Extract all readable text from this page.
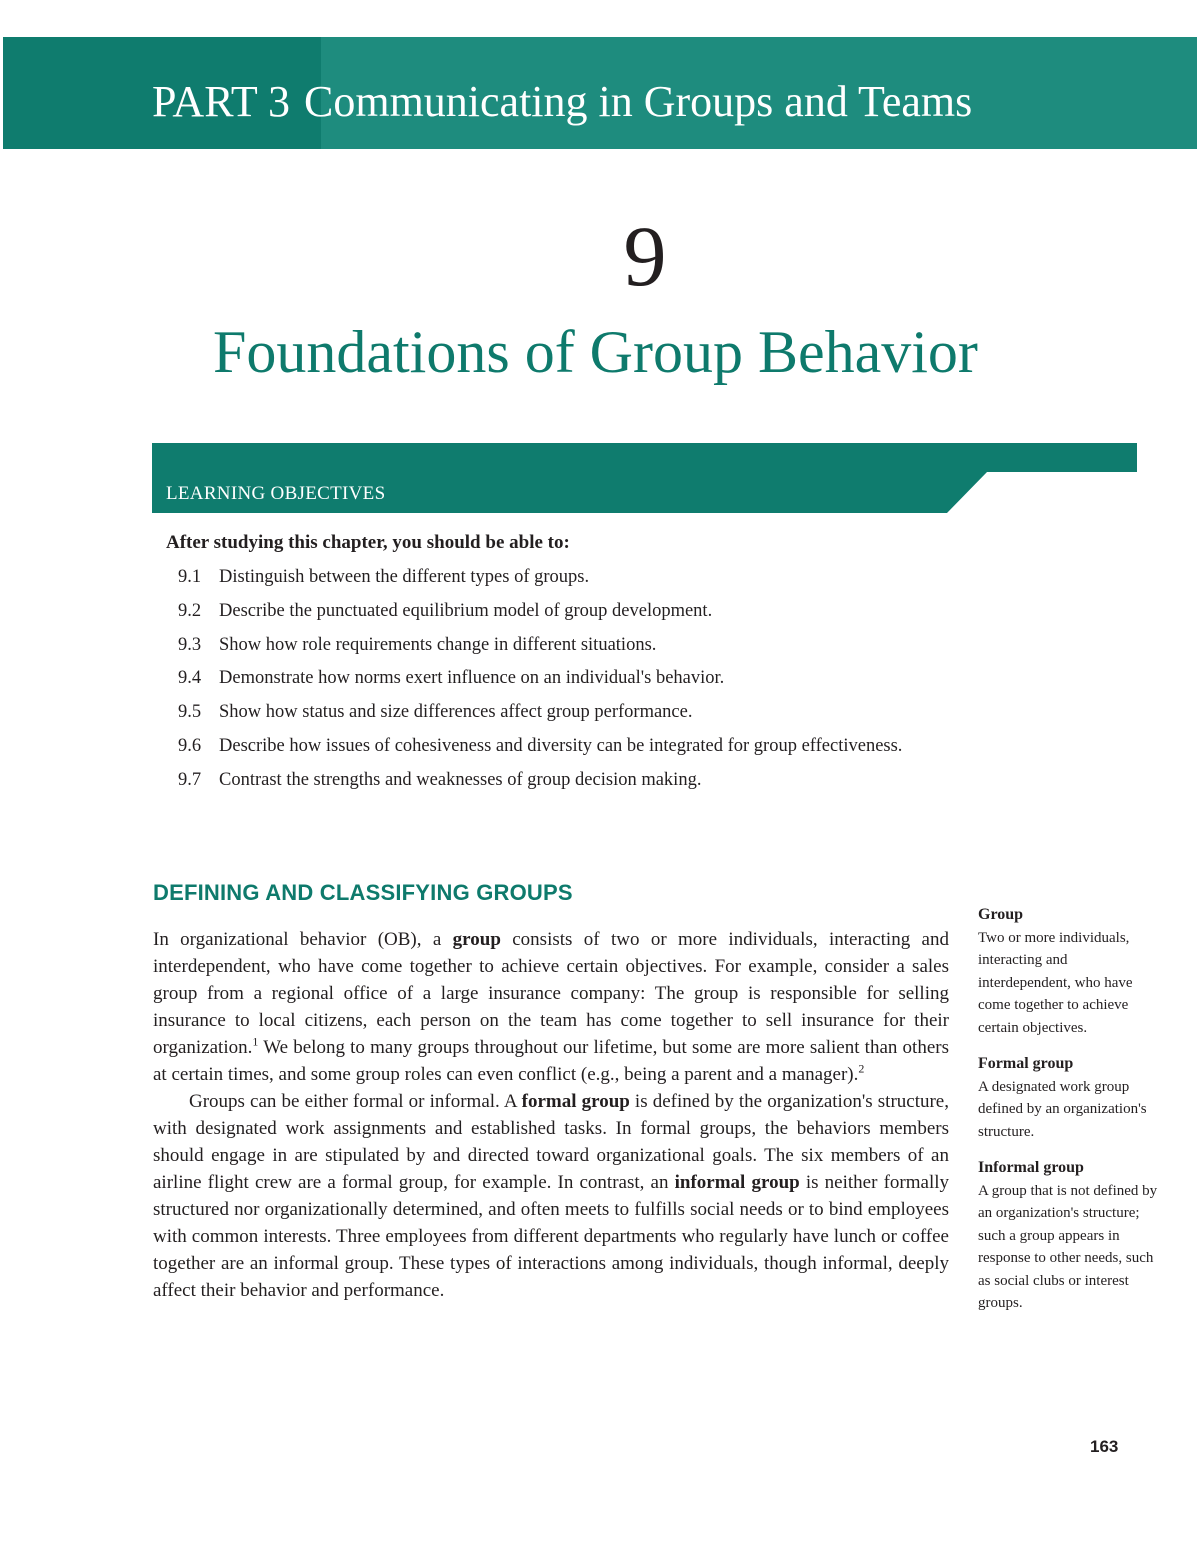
PART 3 Communicating in Groups and Teams
9
Foundations of Group Behavior
LEARNING OBJECTIVES
After studying this chapter, you should be able to:
9.1 Distinguish between the different types of groups.
9.2 Describe the punctuated equilibrium model of group development.
9.3 Show how role requirements change in different situations.
9.4 Demonstrate how norms exert influence on an individual's behavior.
9.5 Show how status and size differences affect group performance.
9.6 Describe how issues of cohesiveness and diversity can be integrated for group effectiveness.
9.7 Contrast the strengths and weaknesses of group decision making.
DEFINING AND CLASSIFYING GROUPS

In organizational behavior (OB), a group consists of two or more individuals, interacting and interdependent, who have come together to achieve certain objectives. For example, consider a sales group from a regional office of a large insurance company: The group is responsible for selling insurance to local citizens, each person on the team has come together to sell insurance for their organization.$^1$ We belong to many groups throughout our lifetime, but some are more salient than others at certain times, and some group roles can even conflict (e.g., being a parent and a manager).$^2$

Groups can be either formal or informal. A formal group is defined by the organization's structure, with designated work assignments and established tasks. In formal groups, the behaviors members should engage in are stipulated by and directed toward organizational goals. The six members of an airline flight crew are a formal group, for example. In contrast, an informal group is neither formally structured nor organizationally determined, and often meets to fulfills social needs or to bind employees with common interests. Three employees from different departments who regularly have lunch or coffee together are an informal group. These types of interactions among individuals, though informal, deeply affect their behavior and performance.

Group
Two or more individuals, interacting and interdependent, who have come together to achieve certain objectives.
Formal group
A designated work group defined by an organization's structure.
Informal group
A group that is not defined by an organization's structure; such a group appears in response to other needs, such as social clubs or interest groups.
163
